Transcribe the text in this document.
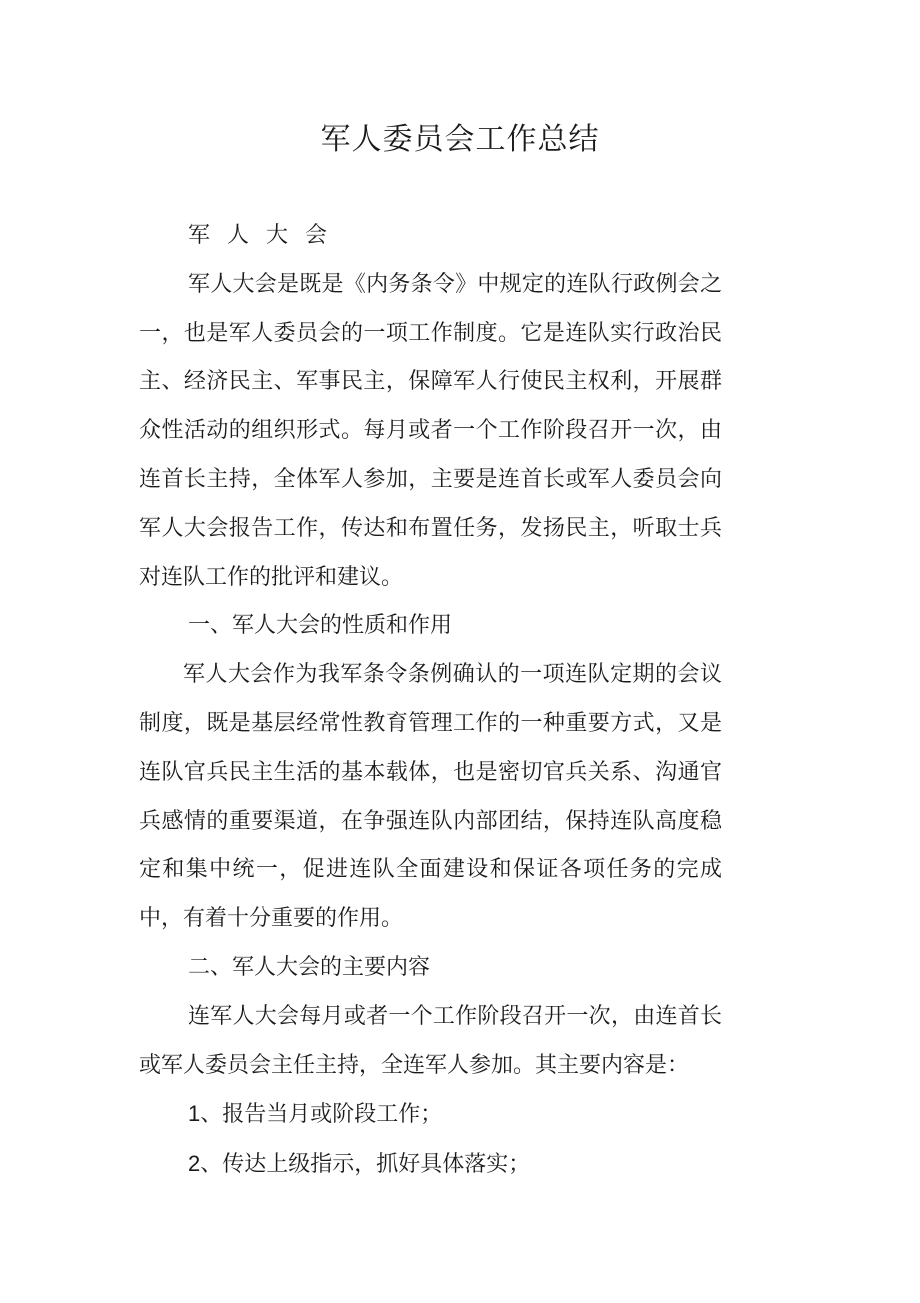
军人委员会工作总结

军人大会

军人大会是既是《内务条令》中规定的连队行政例会之一，也是军人委员会的一项工作制度。它是连队实行政治民主、经济民主、军事民主，保障军人行使民主权利，开展群众性活动的组织形式。每月或者一个工作阶段召开一次，由连首长主持，全体军人参加，主要是连首长或军人委员会向军人大会报告工作，传达和布置任务，发扬民主，听取士兵对连队工作的批评和建议。

一、军人大会的性质和作用

军人大会作为我军条令条例确认的一项连队定期的会议制度，既是基层经常性教育管理工作的一种重要方式，又是连队官兵民主生活的基本载体，也是密切官兵关系、沟通官兵感情的重要渠道，在争强连队内部团结，保持连队高度稳定和集中统一，促进连队全面建设和保证各项任务的完成中，有着十分重要的作用。

二、军人大会的主要内容

连军人大会每月或者一个工作阶段召开一次，由连首长或军人委员会主任主持，全连军人参加。其主要内容是：

1、报告当月或阶段工作；

2、传达上级指示，抓好具体落实；
